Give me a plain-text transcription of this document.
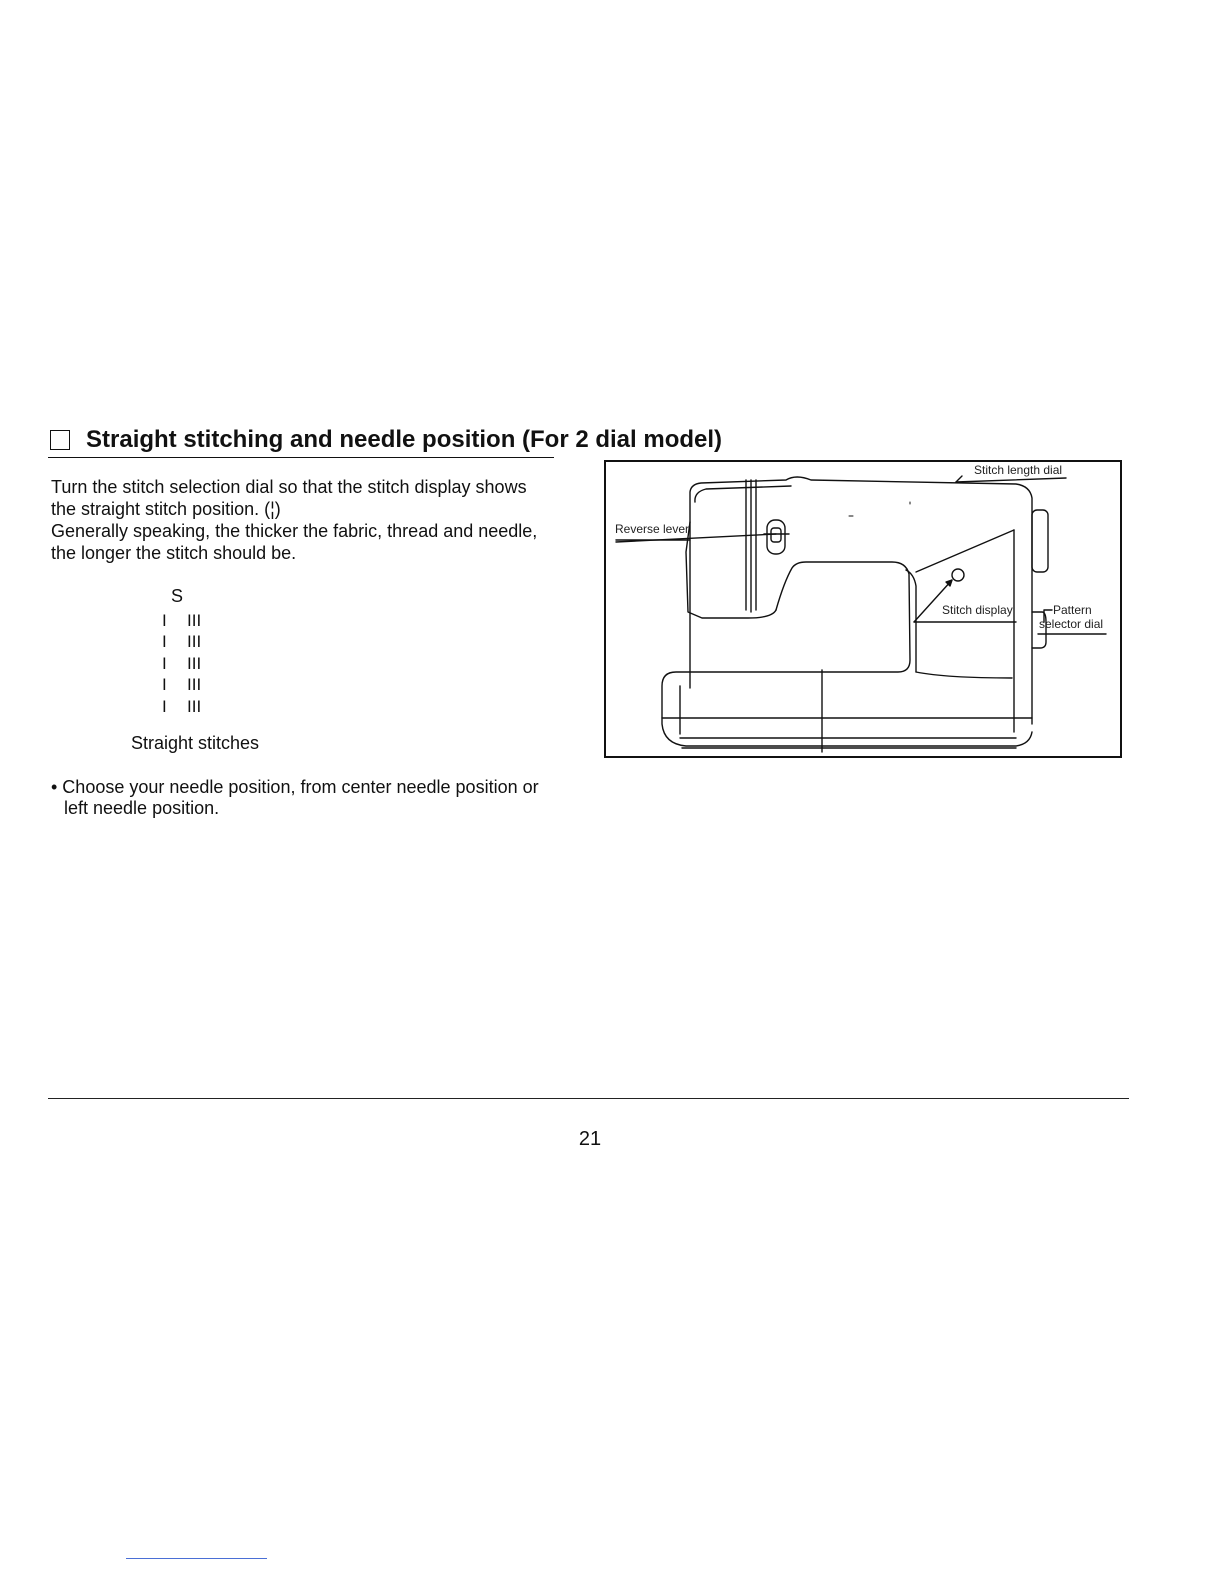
Straight stitching and needle position (For 2 dial model)

Turn the stitch selection dial so that the stitch display shows

the straight stitch position. (¦)

Generally speaking, the thicker the fabric, thread and needle,

the longer the stitch should be.

S
I	III
I	III
I	III
I	III
I	III
Straight stitches
• Choose your needle position, from center needle position or
left needle position.
Stitch length dial
Reverse lever
Stitch display	Pattern
selector dial
21
